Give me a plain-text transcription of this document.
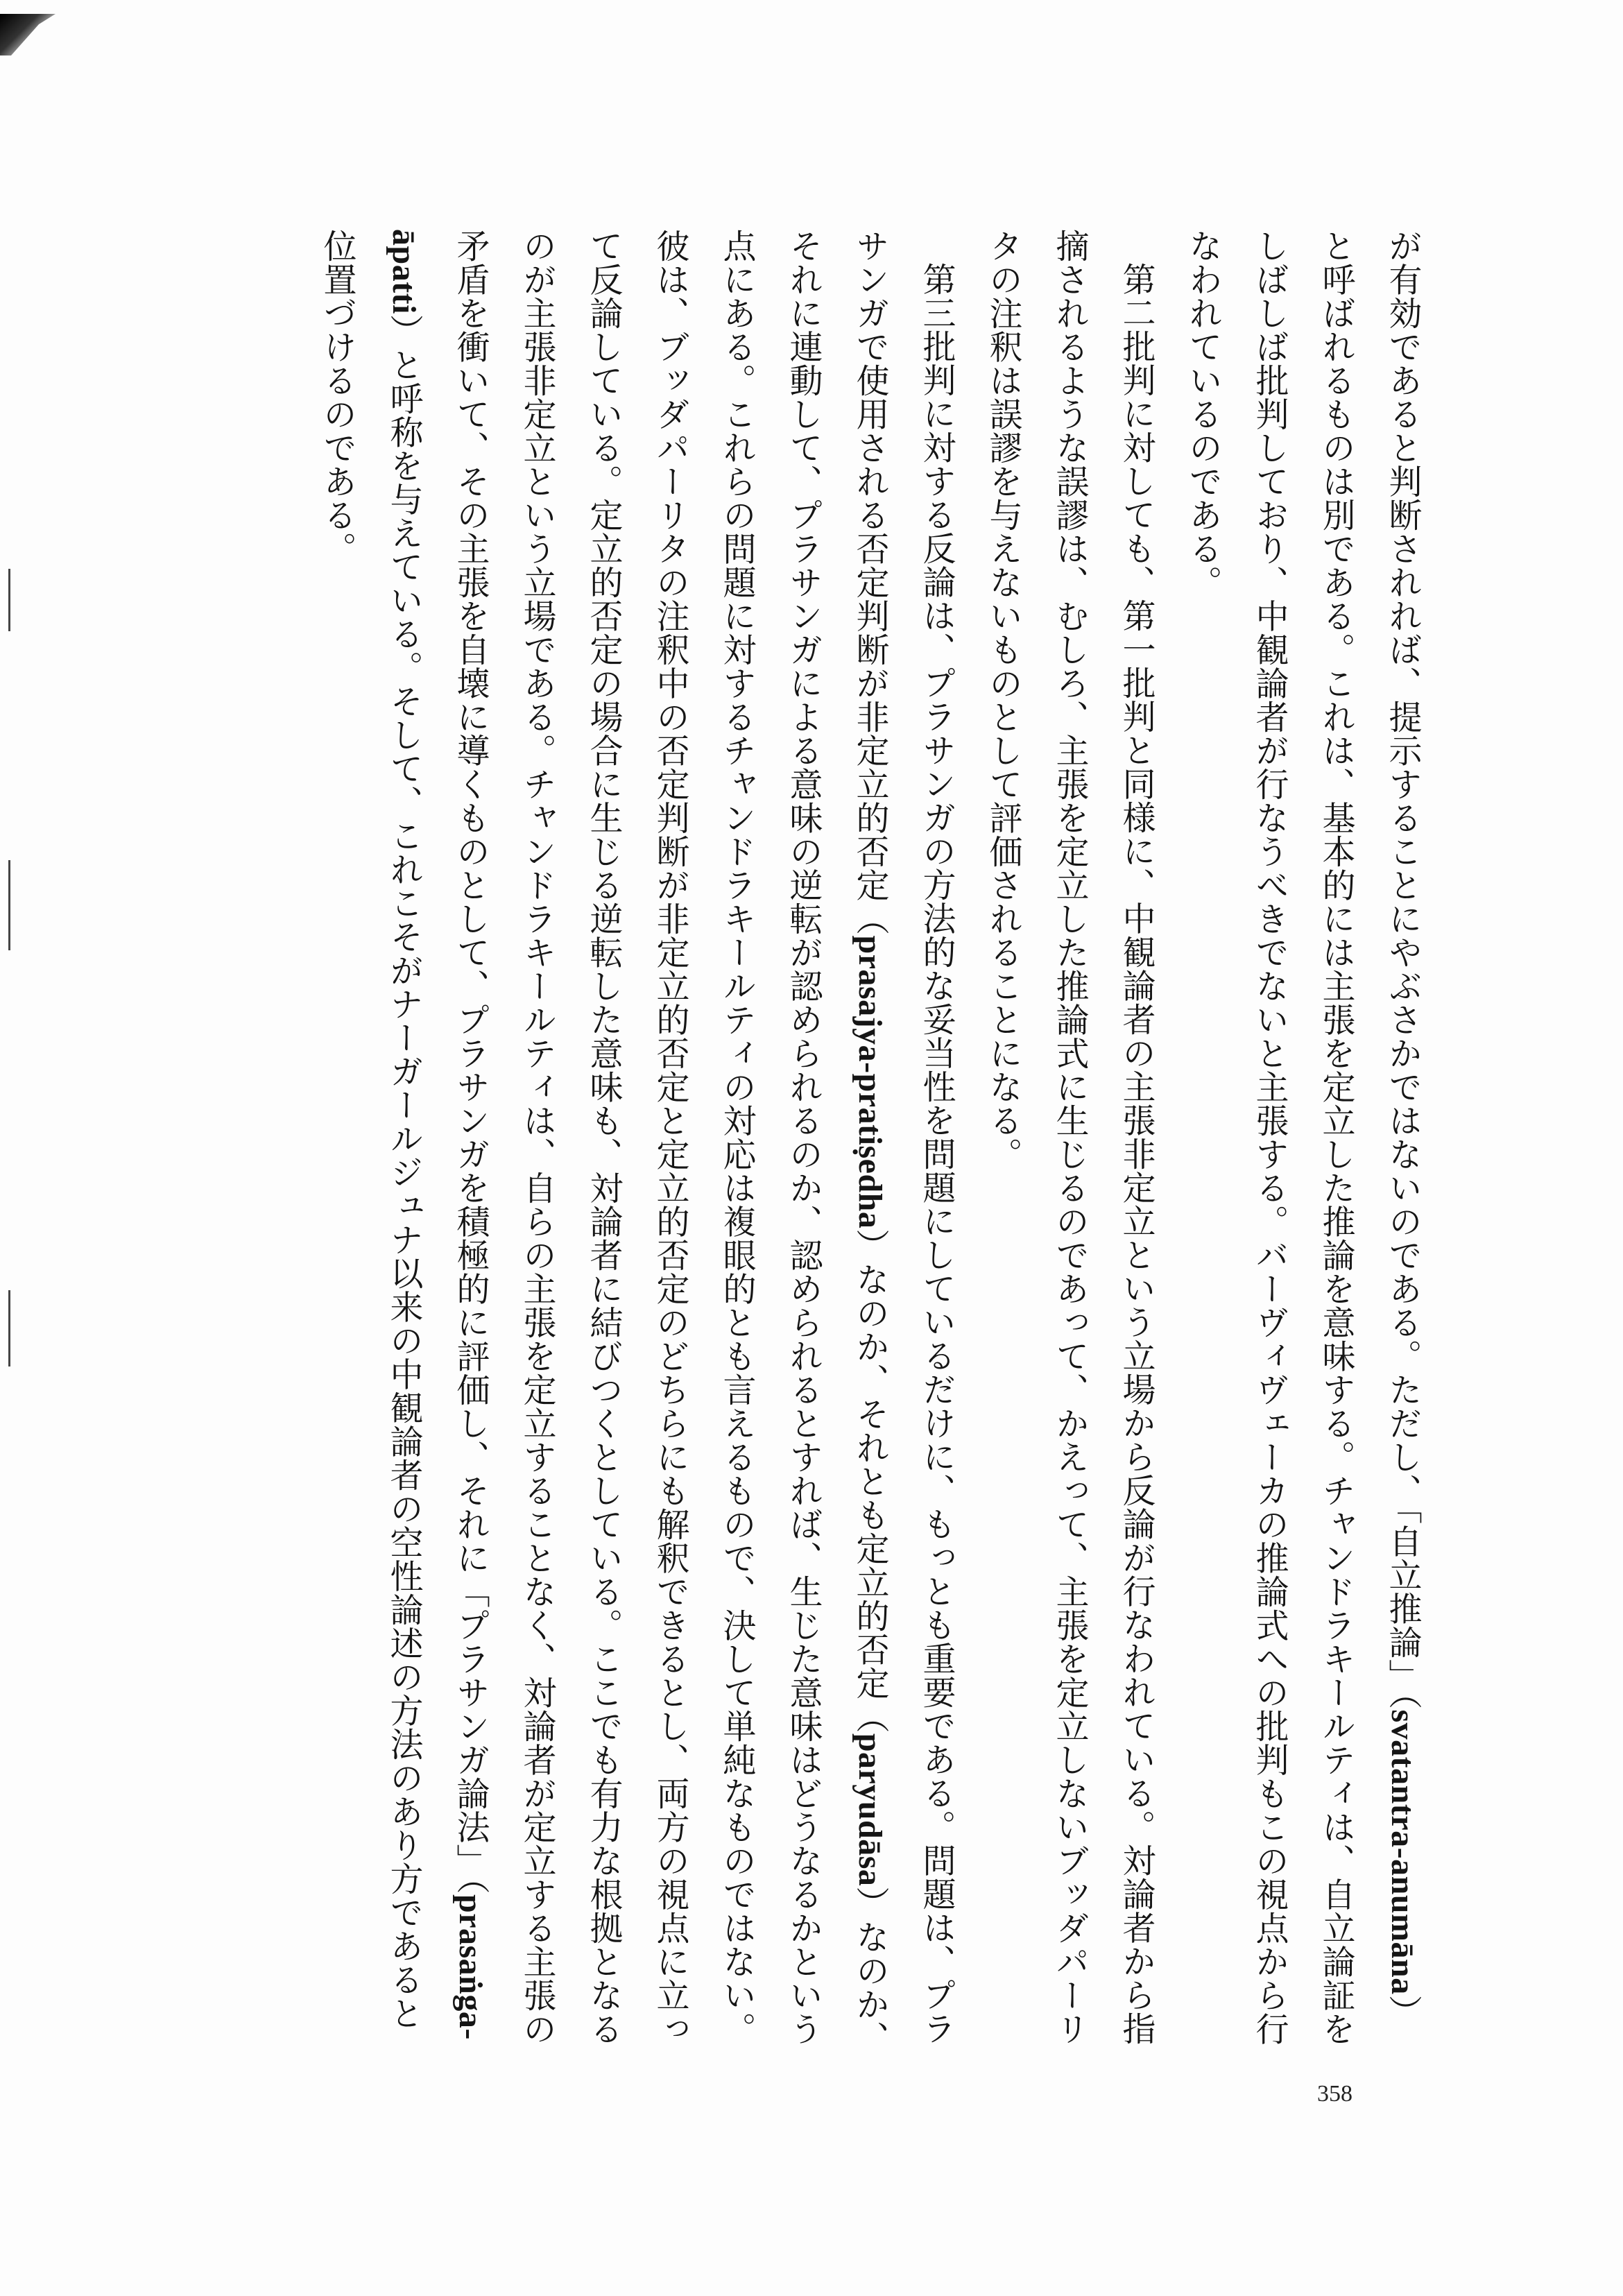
が有効であると判断されれば、提示することにやぶさかではないのである。ただし、「自立推論」（svatantra-anumāna）と呼ばれるものは別である。これは、基本的には主張を定立した推論を意味する。チャンドラキールティは、自立論証をしばしば批判しており、中観論者が行なうべきでないと主張する。バーヴィヴェーカの推論式への批判もこの視点から行なわれているのである。

第二批判に対しても、第一批判と同様に、中観論者の主張非定立という立場から反論が行なわれている。対論者から指摘されるような誤謬は、むしろ、主張を定立した推論式に生じるのであって、かえって、主張を定立しないブッダパーリタの注釈は誤謬を与えないものとして評価されることになる。

第三批判に対する反論は、プラサンガの方法的な妥当性を問題にしているだけに、もっとも重要である。問題は、プラサンガで使用される否定判断が非定立的否定（prasajya-pratiṣedha）なのか、それとも定立的否定（paryudāsa）なのか、それに連動して、プラサンガによる意味の逆転が認められるのか、認められるとすれば、生じた意味はどうなるかという点にある。これらの問題に対するチャンドラキールティの対応は複眼的とも言えるもので、決して単純なものではない。彼は、ブッダパーリタの注釈中の否定判断が非定立的否定と定立的否定のどちらにも解釈できるとし、両方の視点に立って反論している。定立的否定の場合に生じる逆転した意味も、対論者に結びつくとしている。ここでも有力な根拠となるのが主張非定立という立場である。チャンドラキールティは、自らの主張を定立することなく、対論者が定立する主張の矛盾を衝いて、その主張を自壊に導くものとして、プラサンガを積極的に評価し、それに「プラサンガ論法」（prasaṅga-āpatti）と呼称を与えている。そして、これこそがナーガールジュナ以来の中観論者の空性論述の方法のあり方であると位置づけるのである。

358
